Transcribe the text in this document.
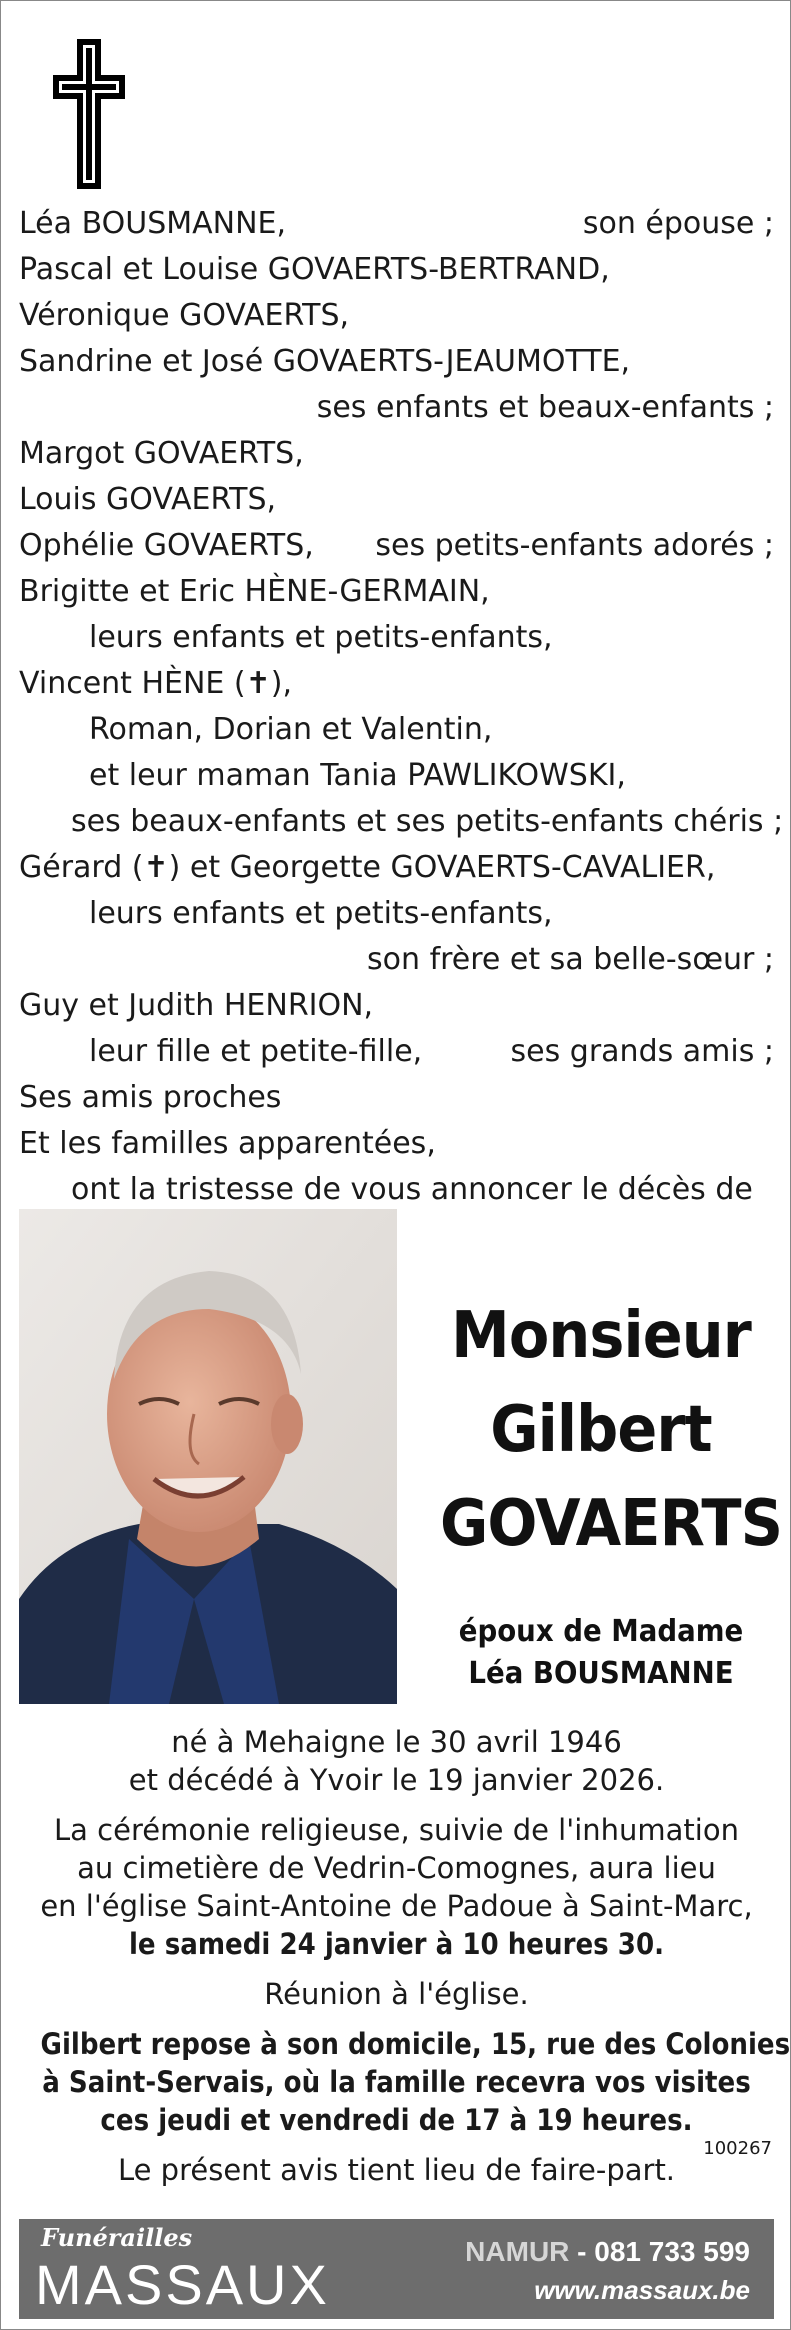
Léa BOUSMANNE,	son épouse ;
Pascal et Louise GOVAERTS-BERTRAND,
Véronique GOVAERTS,
Sandrine et José GOVAERTS-JEAUMOTTE,
ses enfants et beaux-enfants ;
Margot GOVAERTS,
Louis GOVAERTS,
Ophélie GOVAERTS, ses petits-enfants adorés ;
Brigitte et Eric HÈNE-GERMAIN,
leurs enfants et petits-enfants,
Vincent HÈNE (✝),
Roman, Dorian et Valentin,
et leur maman Tania PAWLIKOWSKI,
ses beaux-enfants et ses petits-enfants chéris ;
Gérard (✝) et Georgette GOVAERTS-CAVALIER,
leurs enfants et petits-enfants,
son frère et sa belle-sœur ;
Guy et Judith HENRION,
leur fille et petite-fille,	ses grands amis ;
Ses amis proches
Et les familles apparentées,
ont la tristesse de vous annoncer le décès de
Monsieur
Gilbert
GOVAERTS
époux de Madame
Léa BOUSMANNE
né à Mehaigne le 30 avril 1946
et décédé à Yvoir le 19 janvier 2026.
La cérémonie religieuse, suivie de l'inhumation
au cimetière de Vedrin-Comognes, aura lieu
en l'église Saint-Antoine de Padoue à Saint-Marc,
le samedi 24 janvier à 10 heures 30.
Réunion à l'église.
Gilbert repose à son domicile, 15, rue des Colonies
à Saint-Servais, où la famille recevra vos visites
ces jeudi et vendredi de 17 à 19 heures.
Le présent avis tient lieu de faire-part.
100267
Funérailles
MASSAUX
NAMUR - 081 733 599
www.massaux.be
